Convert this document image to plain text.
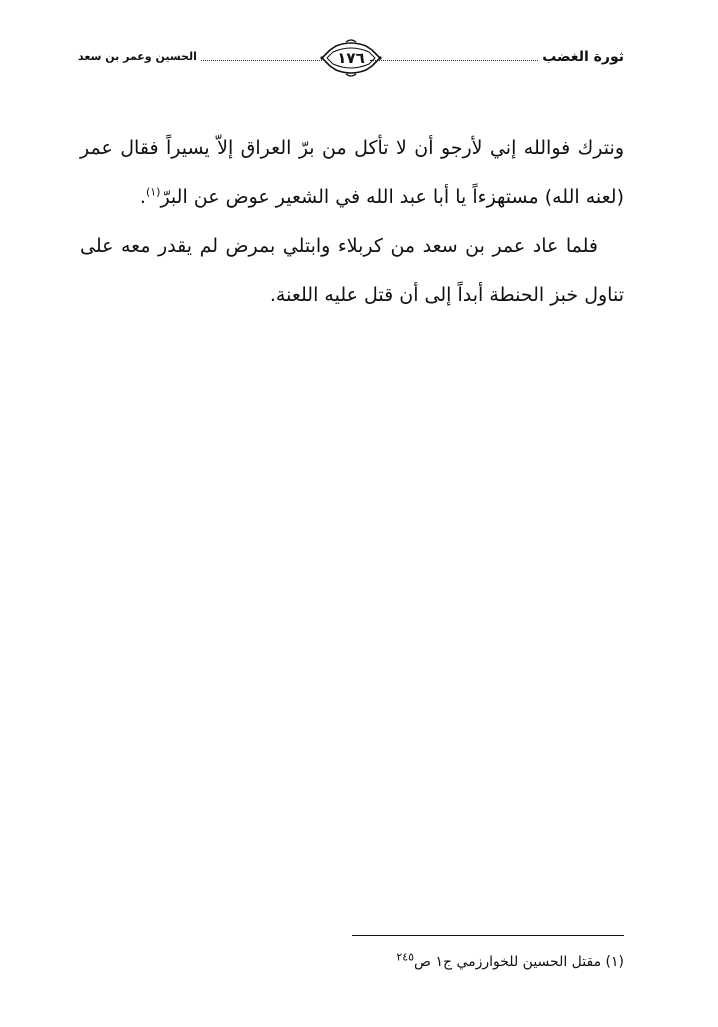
ثورة الغضب
١٧٦
الحسين وعمر بن سعد

ونترك فوالله إني لأرجو أن لا تأكل من برّ العراق إلاّ يسيراً فقال عمر (لعنه الله) مستهزءاً يا أبا عبد الله في الشعير عوض عن البرّ$^{(١)}$.

فلما عاد عمر بن سعد من كربلاء وابتلي بمرض لم يقدر معه على تناول خبز الحنطة أبداً إلى أن قتل عليه اللعنة.

(١) مقتل الحسين للخوارزمي ج١ ص$^{٢٤٥}$
